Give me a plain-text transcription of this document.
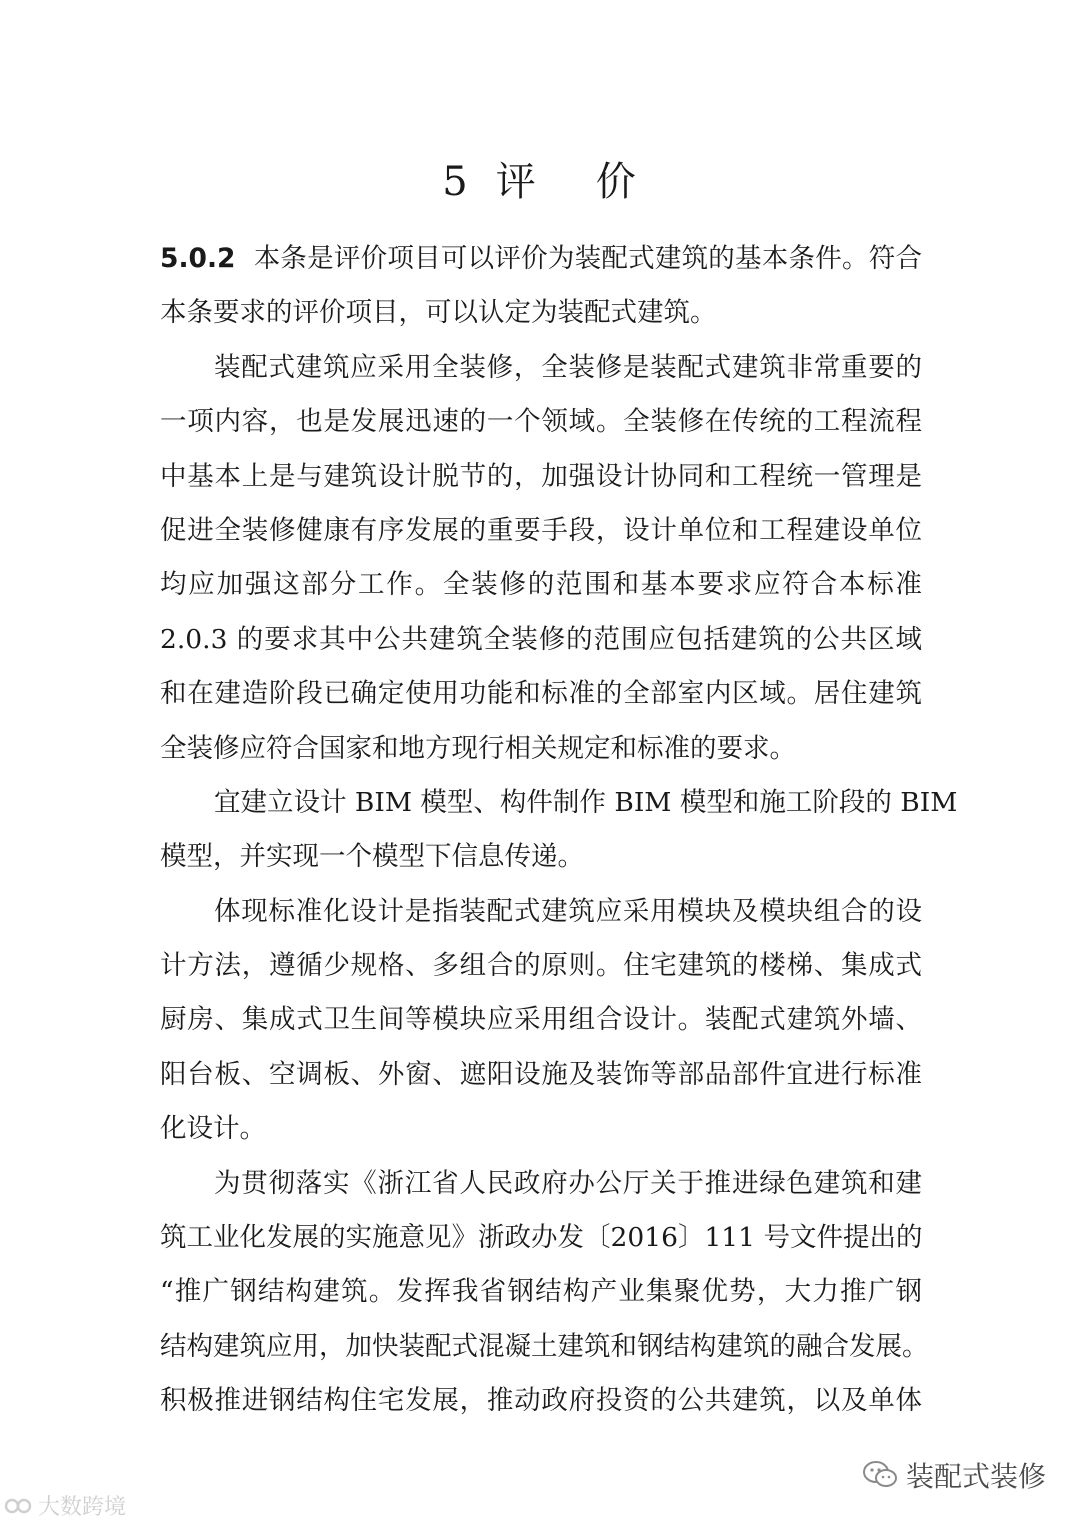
5 评 价
5.0.2 本条是评价项目可以评价为装配式建筑的基本条件。符合
本条要求的评价项目，可以认定为装配式建筑。
装配式建筑应采用全装修，全装修是装配式建筑非常重要的
一项内容，也是发展迅速的一个领域。全装修在传统的工程流程
中基本上是与建筑设计脱节的，加强设计协同和工程统一管理是
促进全装修健康有序发展的重要手段，设计单位和工程建设单位
均应加强这部分工作。全装修的范围和基本要求应符合本标准
2.0.3 的要求其中公共建筑全装修的范围应包括建筑的公共区域
和在建造阶段已确定使用功能和标准的全部室内区域。居住建筑
全装修应符合国家和地方现行相关规定和标准的要求。
宜建立设计 BIM 模型、构件制作 BIM 模型和施工阶段的 BIM
模型，并实现一个模型下信息传递。
体现标准化设计是指装配式建筑应采用模块及模块组合的设
计方法，遵循少规格、多组合的原则。住宅建筑的楼梯、集成式
厨房、集成式卫生间等模块应采用组合设计。装配式建筑外墙、
阳台板、空调板、外窗、遮阳设施及装饰等部品部件宜进行标准
化设计。
为贯彻落实《浙江省人民政府办公厅关于推进绿色建筑和建
筑工业化发展的实施意见》浙政办发〔2016〕111 号文件提出的
“推广钢结构建筑。发挥我省钢结构产业集聚优势，大力推广钢
结构建筑应用，加快装配式混凝土建筑和钢结构建筑的融合发展。
积极推进钢结构住宅发展，推动政府投资的公共建筑，以及单体
大数跨境
装配式装修
